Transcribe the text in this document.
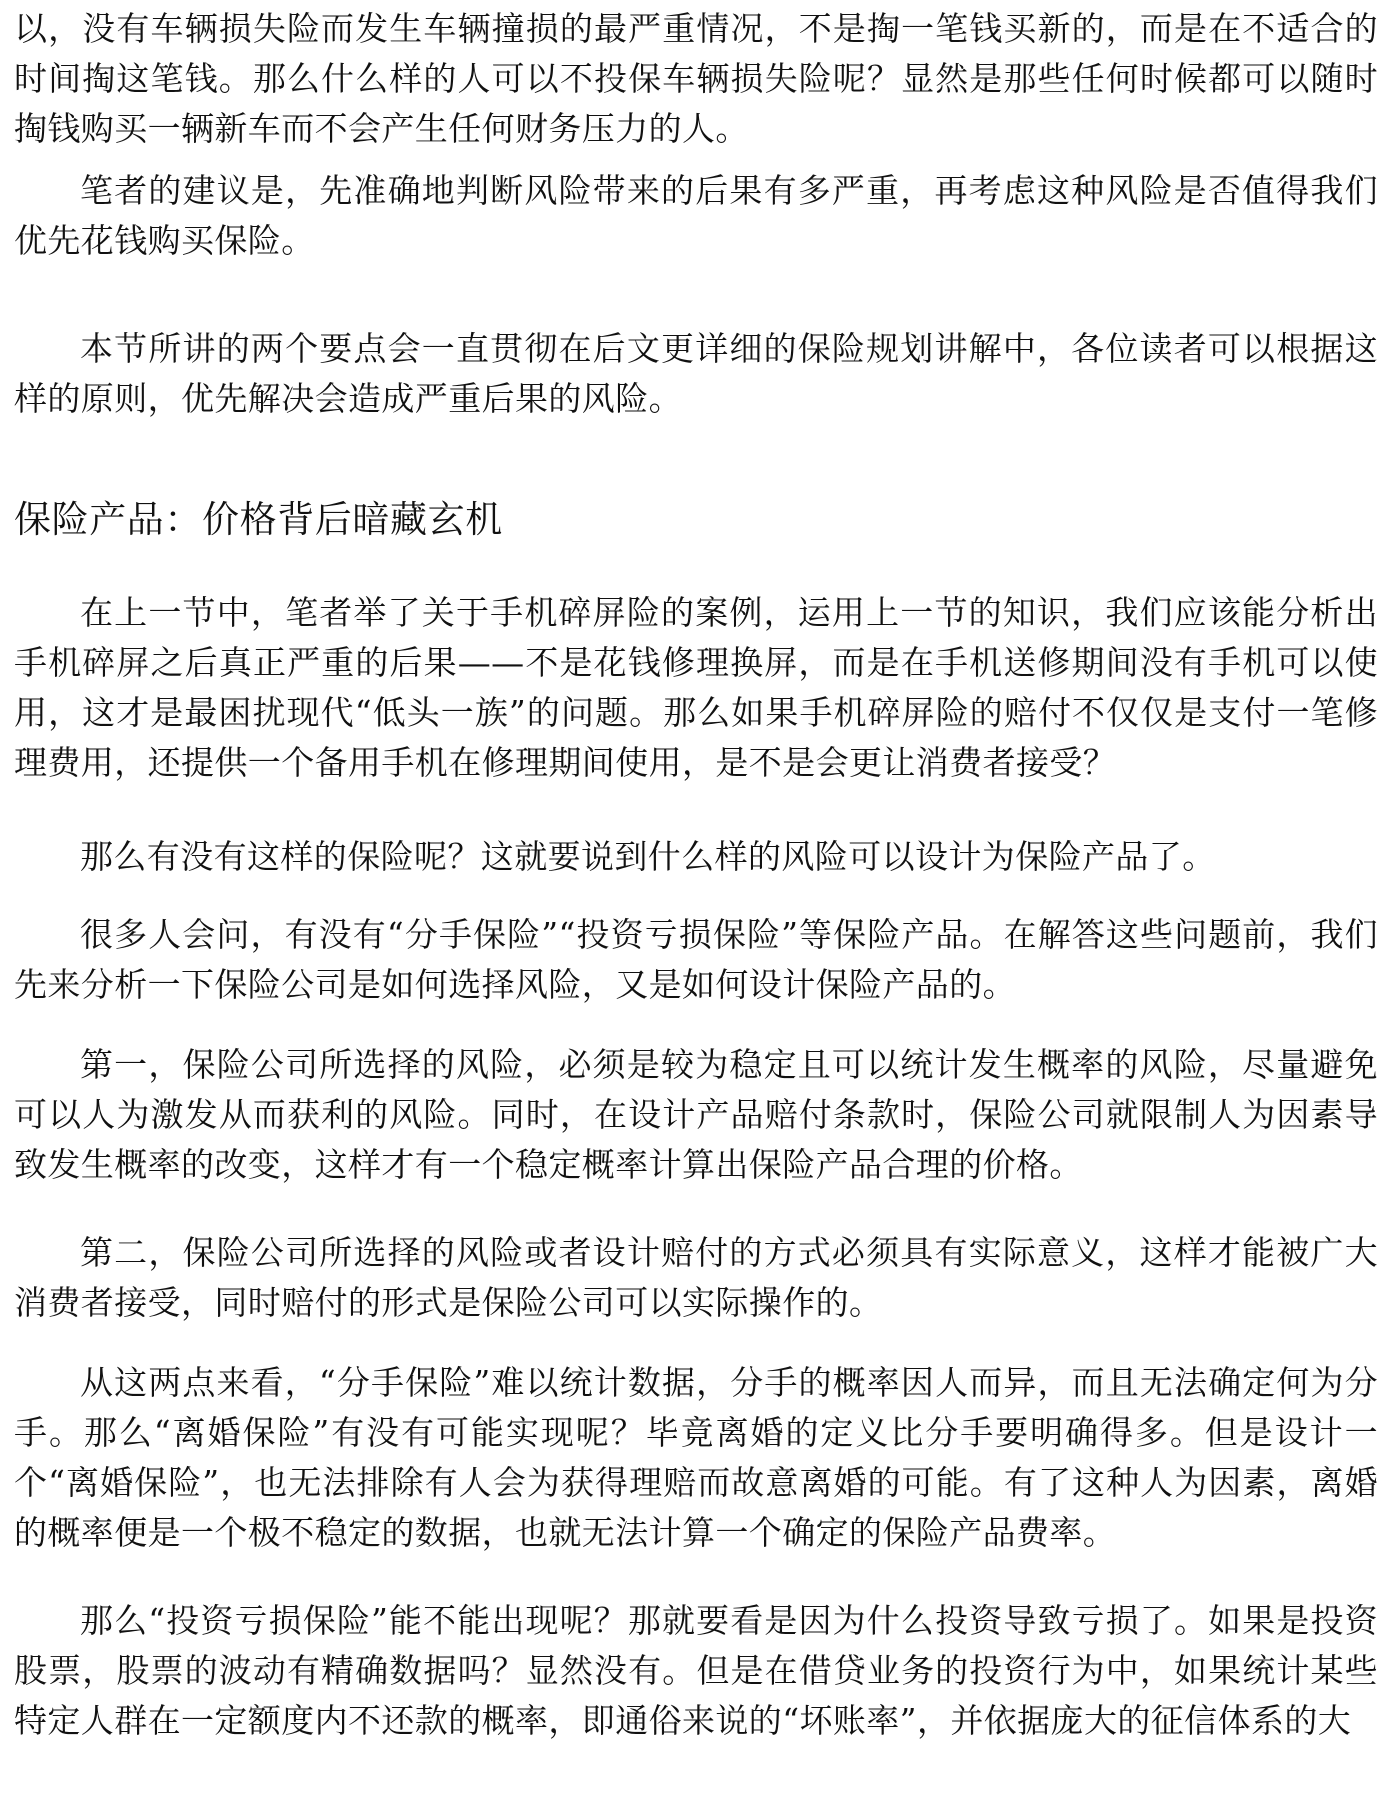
以，没有车辆损失险而发生车辆撞损的最严重情况，不是掏一笔钱买新的，而是在不适合的时间掏这笔钱。那么什么样的人可以不投保车辆损失险呢？显然是那些任何时候都可以随时掏钱购买一辆新车而不会产生任何财务压力的人。

笔者的建议是，先准确地判断风险带来的后果有多严重，再考虑这种风险是否值得我们优先花钱购买保险。

本节所讲的两个要点会一直贯彻在后文更详细的保险规划讲解中，各位读者可以根据这样的原则，优先解决会造成严重后果的风险。

保险产品：价格背后暗藏玄机

在上一节中，笔者举了关于手机碎屏险的案例，运用上一节的知识，我们应该能分析出手机碎屏之后真正严重的后果——不是花钱修理换屏，而是在手机送修期间没有手机可以使用，这才是最困扰现代“低头一族”的问题。那么如果手机碎屏险的赔付不仅仅是支付一笔修理费用，还提供一个备用手机在修理期间使用，是不是会更让消费者接受？

那么有没有这样的保险呢？这就要说到什么样的风险可以设计为保险产品了。

很多人会问，有没有“分手保险”“投资亏损保险”等保险产品。在解答这些问题前，我们先来分析一下保险公司是如何选择风险，又是如何设计保险产品的。

第一，保险公司所选择的风险，必须是较为稳定且可以统计发生概率的风险，尽量避免可以人为激发从而获利的风险。同时，在设计产品赔付条款时，保险公司就限制人为因素导致发生概率的改变，这样才有一个稳定概率计算出保险产品合理的价格。

第二，保险公司所选择的风险或者设计赔付的方式必须具有实际意义，这样才能被广大消费者接受，同时赔付的形式是保险公司可以实际操作的。

从这两点来看，“分手保险”难以统计数据，分手的概率因人而异，而且无法确定何为分手。那么“离婚保险”有没有可能实现呢？毕竟离婚的定义比分手要明确得多。但是设计一个“离婚保险”，也无法排除有人会为获得理赔而故意离婚的可能。有了这种人为因素，离婚的概率便是一个极不稳定的数据，也就无法计算一个确定的保险产品费率。

那么“投资亏损保险”能不能出现呢？那就要看是因为什么投资导致亏损了。如果是投资股票，股票的波动有精确数据吗？显然没有。但是在借贷业务的投资行为中，如果统计某些特定人群在一定额度内不还款的概率，即通俗来说的“坏账率”，并依据庞大的征信体系的大
